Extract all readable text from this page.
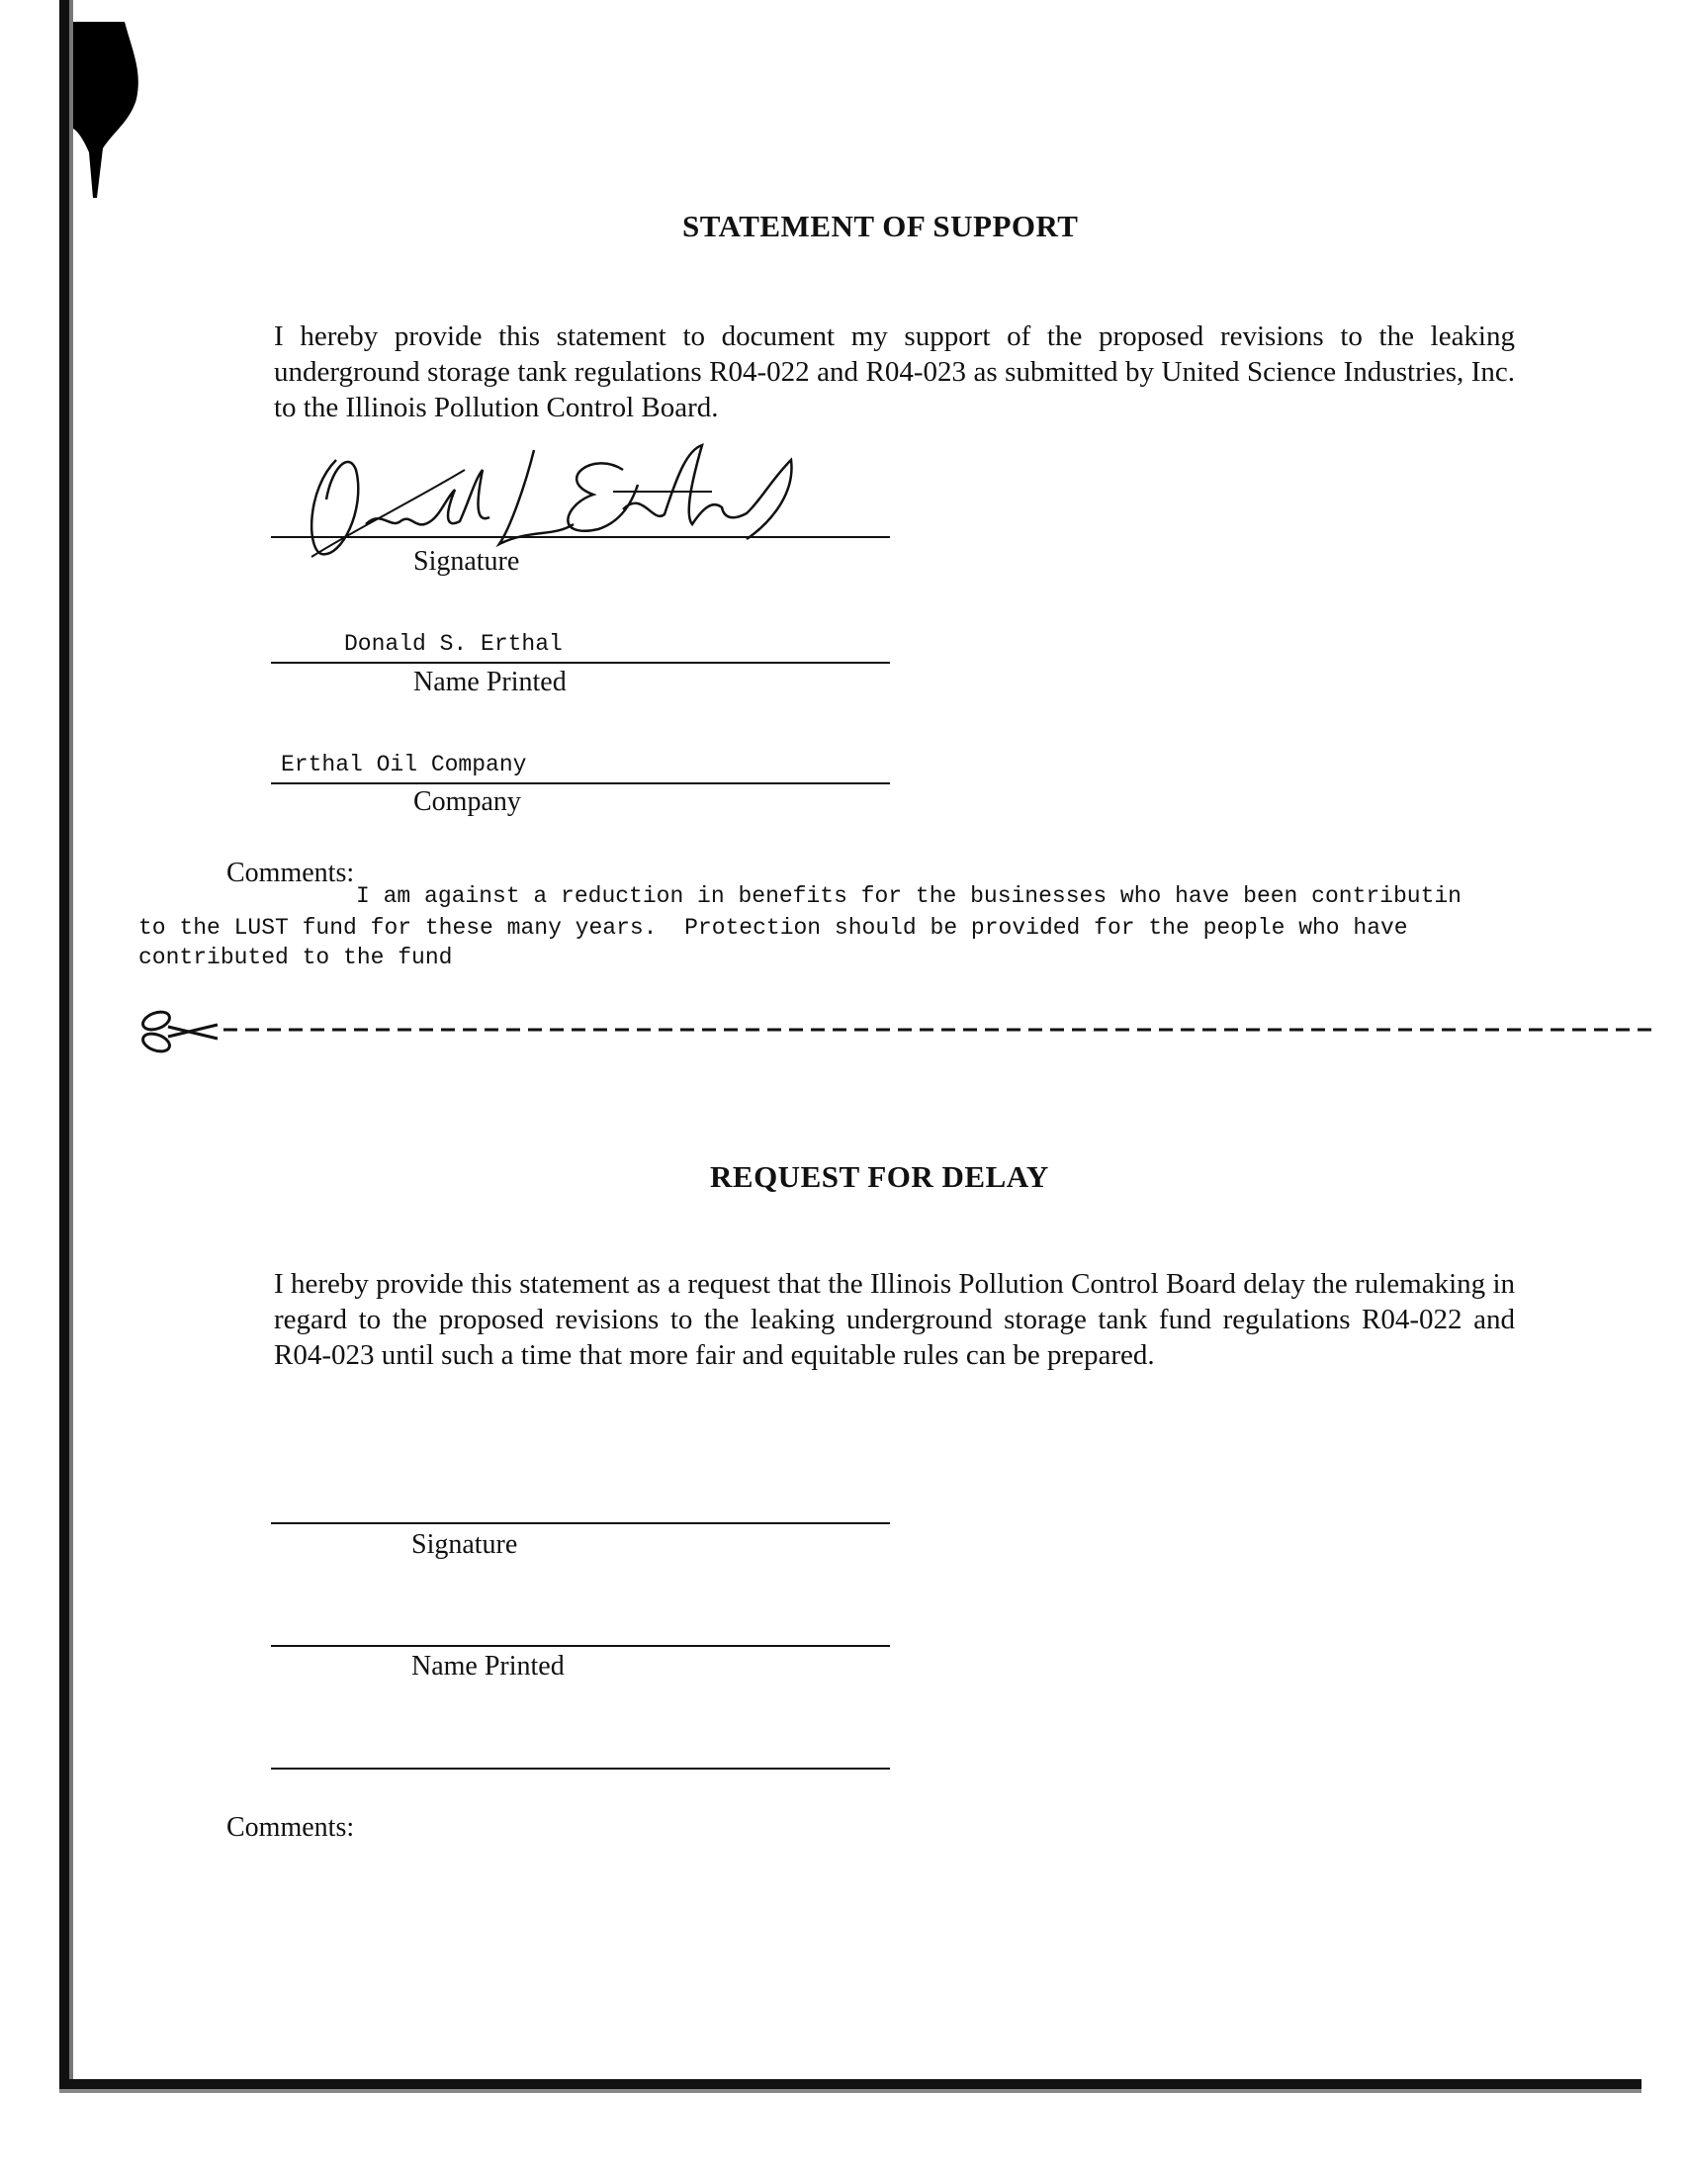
STATEMENT OF SUPPORT
I hereby provide this statement to document my support of the proposed revisions to the leaking underground storage tank regulations R04-022 and R04-023 as submitted by United Science Industries, Inc. to the Illinois Pollution Control Board.
Signature
Donald S. Erthal
Name Printed
Erthal Oil Company
Company
Comments:
I am against a reduction in benefits for the businesses who have been contributin
to the LUST fund for these many years.  Protection should be provided for the people who have
contributed to the fund
REQUEST FOR DELAY
I hereby provide this statement as a request that the Illinois Pollution Control Board delay the rulemaking in regard to the proposed revisions to the leaking underground storage tank fund regulations R04-022 and R04-023 until such a time that more fair and equitable rules can be prepared.
Signature
Name Printed
Comments:
